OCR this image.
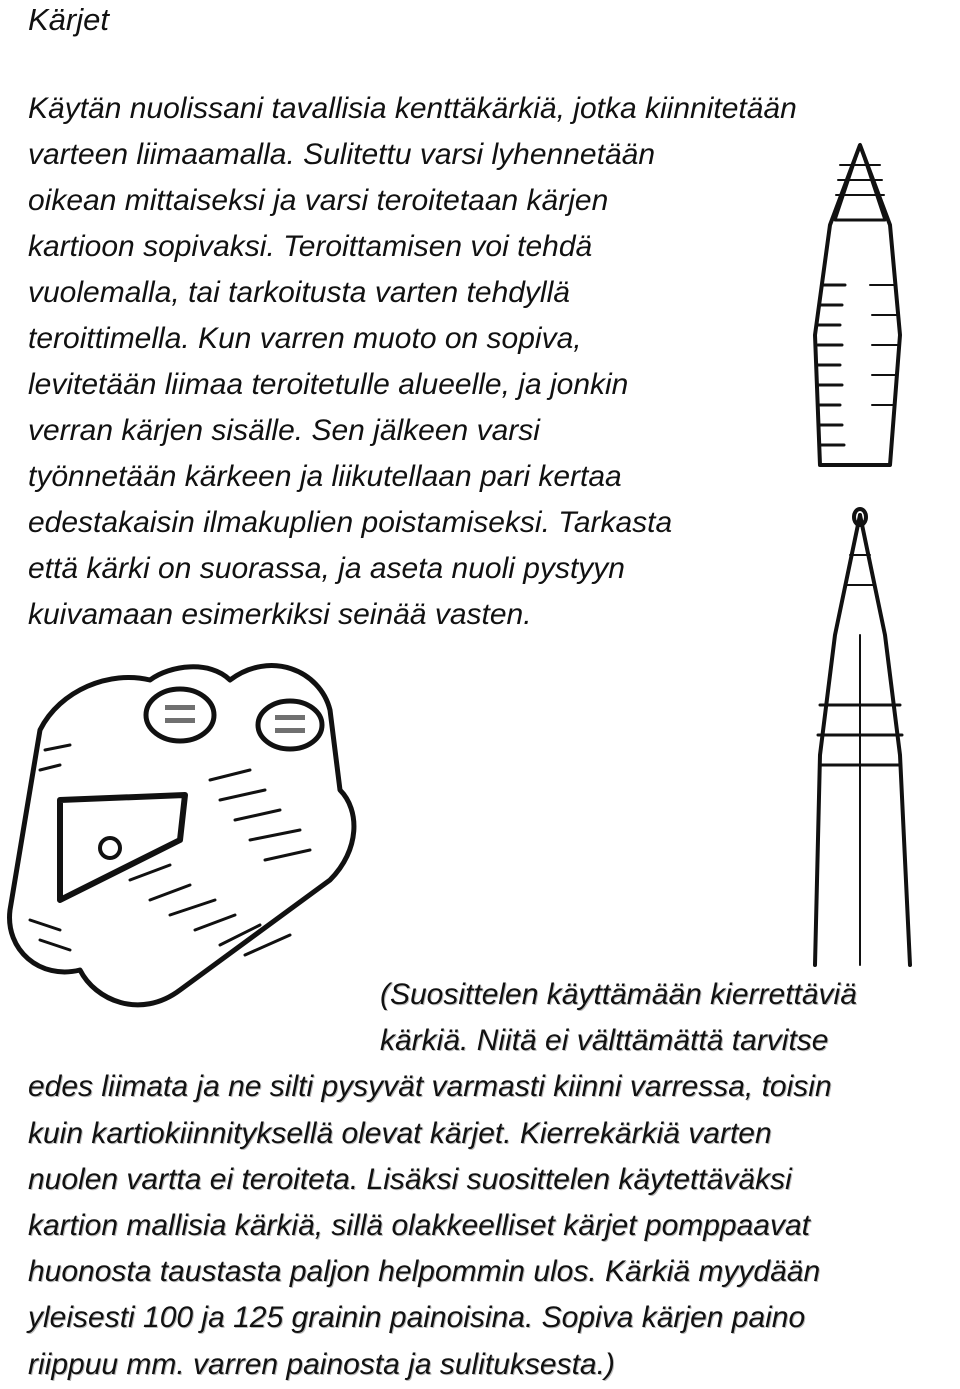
Kärjet

Käytän nuolissani tavallisia kenttäkärkiä, jotka kiinnitetään
varteen liimaamalla. Sulitettu varsi lyhennetään
oikean mittaiseksi ja varsi teroitetaan kärjen
kartioon sopivaksi. Teroittamisen voi tehdä
vuolemalla, tai tarkoitusta varten tehdyllä
teroittimella. Kun varren muoto on sopiva,
levitetään liimaa teroitetulle alueelle, ja jonkin
verran kärjen sisälle. Sen jälkeen varsi
työnnetään kärkeen ja liikutellaan pari kertaa
edestakaisin ilmakuplien poistamiseksi. Tarkasta
että kärki on suorassa, ja aseta nuoli pystyyn
kuivamaan esimerkiksi seinää vasten.

(Suosittelen käyttämään kierrettäviä
kärkiä. Niitä ei välttämättä tarvitse
edes liimata ja ne silti pysyvät varmasti kiinni varressa, toisin
kuin kartiokiinnityksellä olevat kärjet. Kierrekärkiä varten
nuolen vartta ei teroiteta. Lisäksi suosittelen käytettäväksi
kartion mallisia kärkiä, sillä olakkeelliset kärjet pomppaavat
huonosta taustasta paljon helpommin ulos. Kärkiä myydään
yleisesti 100 ja 125 grainin painoisina. Sopiva kärjen paino
riippuu mm. varren painosta ja sulituksesta.)
